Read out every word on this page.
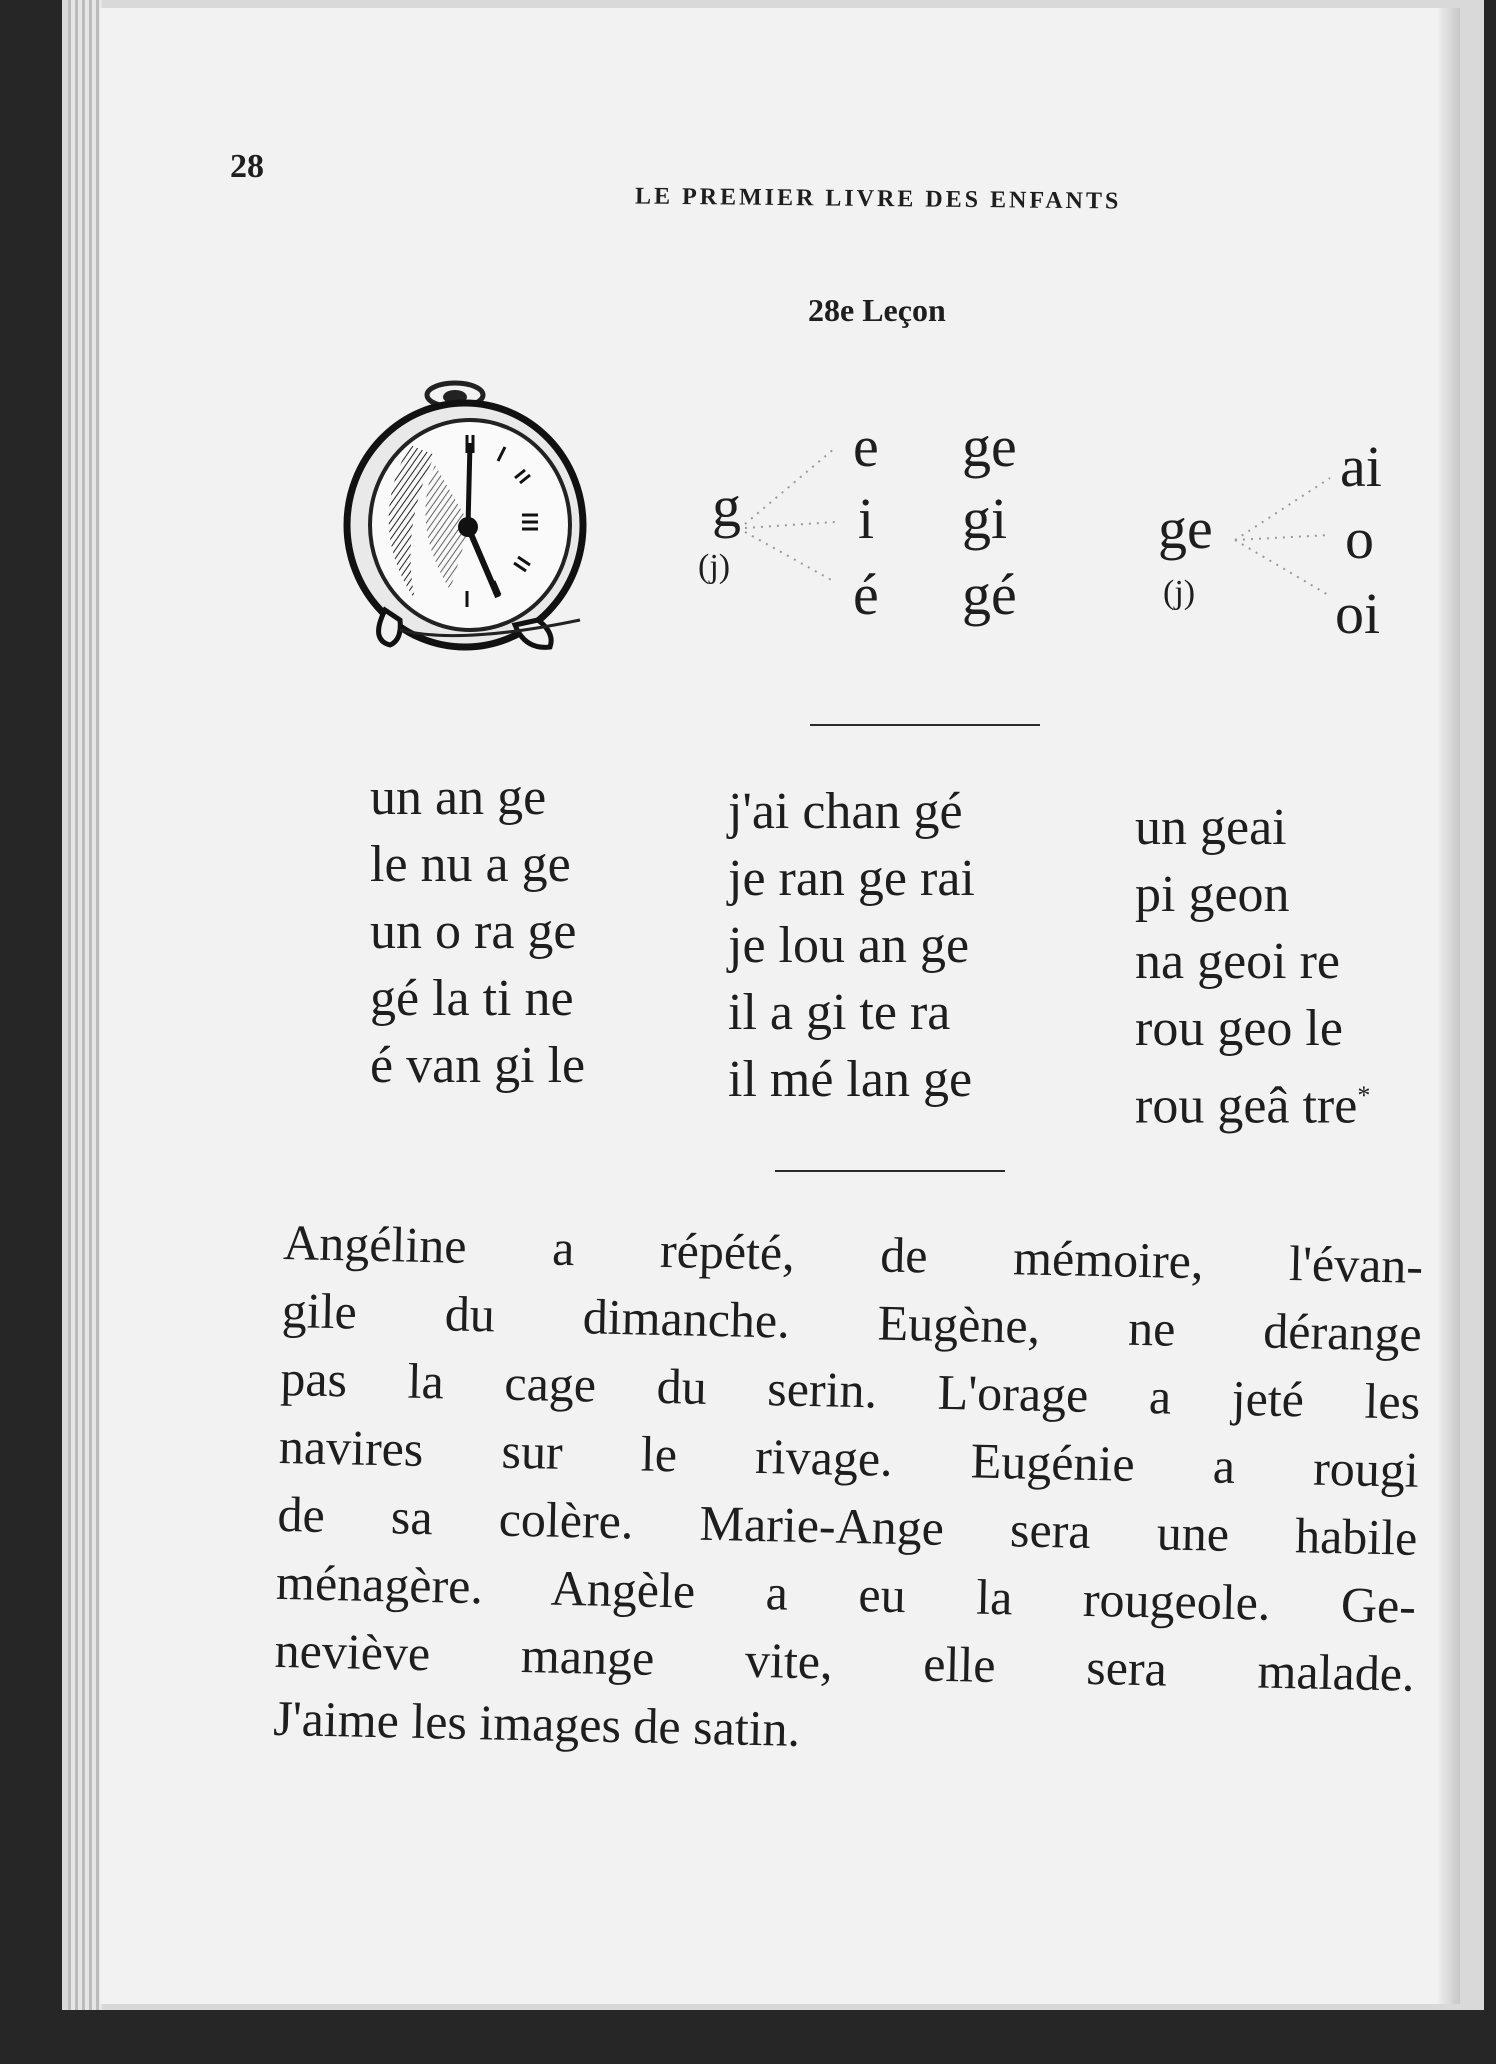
28
LE PREMIER LIVRE DES ENFANTS
28e Leçon
g
(j)
e
i
é
ge
gi
gé
ge
(j)
ai
o
oi
un an ge
le nu a ge
un o ra ge
gé la ti ne
é van gi le
j'ai chan gé
je ran ge rai
je lou an ge
il a gi te ra
il mé lan ge
un geai
pi geon
na geoi re
rou geo le
rou geâ tre*
Angéline a répété, de mémoire, l'évan-
gile du dimanche. Eugène, ne dérange
pas la cage du serin. L'orage a jeté les
navires sur le rivage. Eugénie a rougi
de sa colère. Marie-Ange sera une habile
ménagère. Angèle a eu la rougeole. Ge-
neviève mange vite, elle sera malade.
J'aime les images de satin.
